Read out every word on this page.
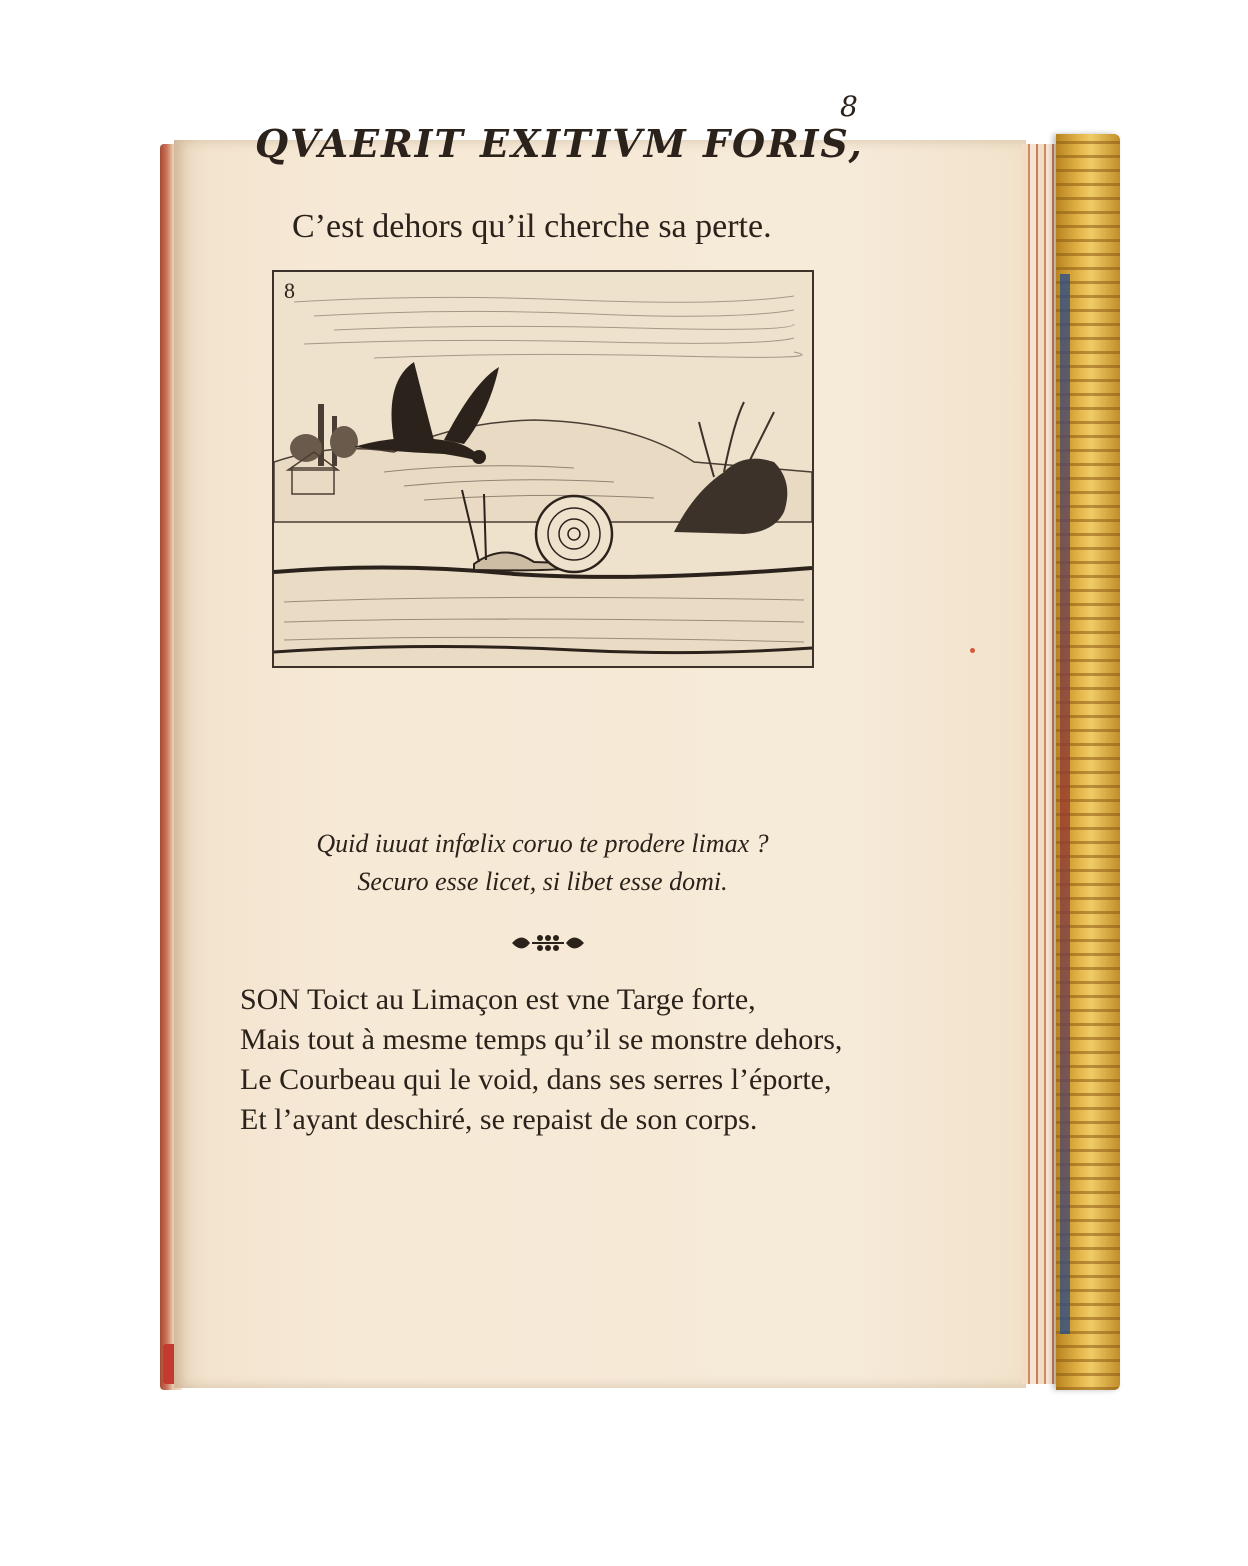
8

QVAERIT EXITIVM FORIS,

C’est dehors qu’il cherche sa perte.

8

Quid iuuat infœlix coruo te prodere limax ?
Securo esse licet, si libet esse domi.

SON Toict au Limaçon est vne Targe forte,
Mais tout à mesme temps qu’il se monstre dehors,
Le Courbeau qui le void, dans ses serres l’éporte,
Et l’ayant deschiré, se repaist de son corps.
